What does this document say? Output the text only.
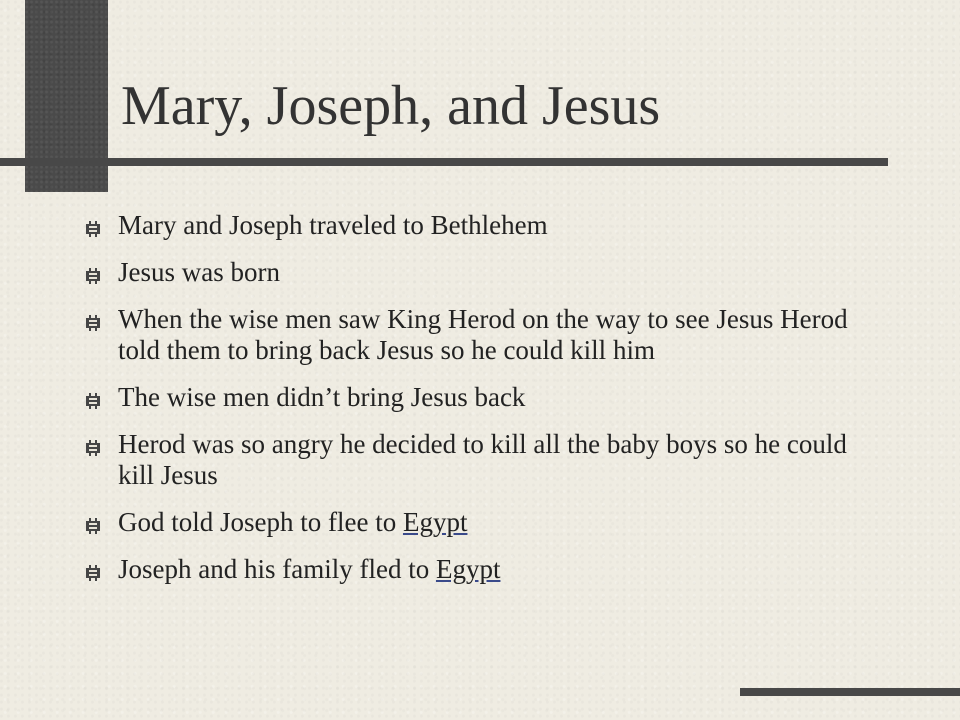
Mary, Joseph, and Jesus
Mary and Joseph traveled to Bethlehem
Jesus was born
When the wise men saw King Herod on the way to see Jesus Herod told them to bring back Jesus so he could kill him
The wise men didn’t bring Jesus back
Herod was so angry he decided to kill all the baby boys so he could kill Jesus
God told Joseph to flee to Egypt
Joseph and his family fled to Egypt
